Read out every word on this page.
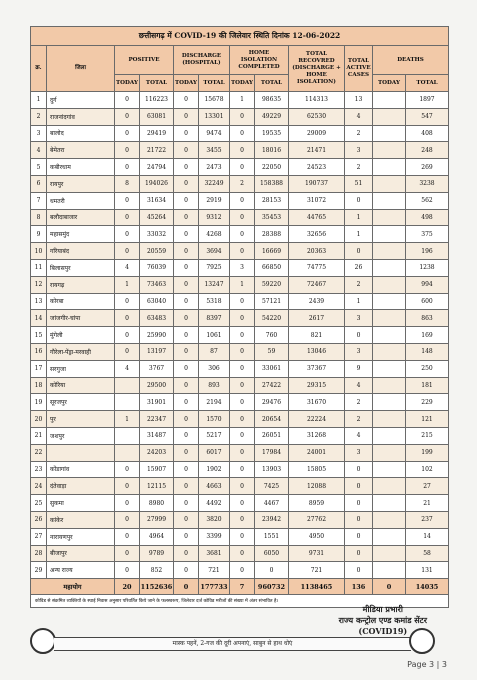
छत्तीसगढ़ में COVID-19 की जिलेवार स्थिति दिनांक 12-06-2022											
क्र.	जिला	POSITIVE		DISCHARGE (HOSPITAL)		HOME ISOLATION COMPLETED		TOTAL RECOVRED (DISCHARGE + HOME ISOLATION)	TOTAL ACTIVE CASES	DEATHS	
		TODAY	TOTAL	TODAY	TOTAL	TODAY	TOTAL			TODAY	TOTAL
1	दुर्ग	0	116223	0	15678	1	98635	114313	13		1897
2	राजनांदगांव	0	63081	0	13301	0	49229	62530	4		547
3	बालोद	0	29419	0	9474	0	19535	29009	2		408
4	बेमेतरा	0	21722	0	3455	0	18016	21471	3		248
5	कबीरधाम	0	24794	0	2473	0	22050	24523	2		269
6	रायपुर	8	194026	0	32249	2	158388	190737	51		3238
7	धमतरी	0	31634	0	2919	0	28153	31072	0		562
8	बलौदाबाजार	0	45264	0	9312	0	35453	44765	1		498
9	महासमुंद	0	33032	0	4268	0	28388	32656	1		375
10	गरियाबंद	0	20559	0	3694	0	16669	20363	0		196
11	बिलासपुर	4	76039	0	7925	3	66850	74775	26		1238
12	रायगढ़	1	73463	0	13247	1	59220	72467	2		994
13	कोरबा	0	63040	0	5318	0	57121	2439	1		600
14	जांजगीर-चांपा	0	63483	0	8397	0	54220	2617	3		863
15	मुंगेली	0	25990	0	1061	0	760	821	0		169
16	गौरेला-पेंड्रा-मरवाही	0	13197	0	87	0	59	13046	3		148
17	सरगुजा	4	3767	0	306	0	33061	37367	9		250
18	कोरिया		29500	0	893	0	27422	29315	4		181
19	सूरजपुर		31901	0	2194	0	29476	31670	2		229
20	पुर	1	22347	0	1570	0	20654	22224	2		121
21	जशपुर		31487	0	5217	0	26051	31268	4		215
22			24203	0	6017	0	17984	24001	3		199
23	कोंडागांव	0	15907	0	1902	0	13903	15805	0		102
24	दंतेवाड़ा	0	12115	0	4663	0	7425	12088	0		27
25	सुकमा	0	8980	0	4492	0	4467	8959	0		21
26	कांकेर	0	27999	0	3820	0	23942	27762	0		237
27	नारायणपुर	0	4964	0	3399	0	1551	4950	0		14
28	बीजापुर	0	9789	0	3681	0	6050	9731	0		58
29	अन्य राज्य	0	852	0	721	0	0	721	0		131
महायोग		20	1152636	0	177733	7	960732	1138465	136	0	14035
कोविड से संक्रमित व्यक्तियों के स्थाई निवास अनुसार परिवर्तित किये जाने के फलस्वरूप, जिलेवार दर्ज कोविड मरीजों की संख्या में अंतर संभावित है।											
मीडिया प्रभारी
राज्य कन्ट्रोल एण्ड कमांड सेंटर
(COVID19)
मास्क पहनें, 2-गज की दूरी अपनाएं, साबुन से हाथ धोएं
Page 3 | 3
